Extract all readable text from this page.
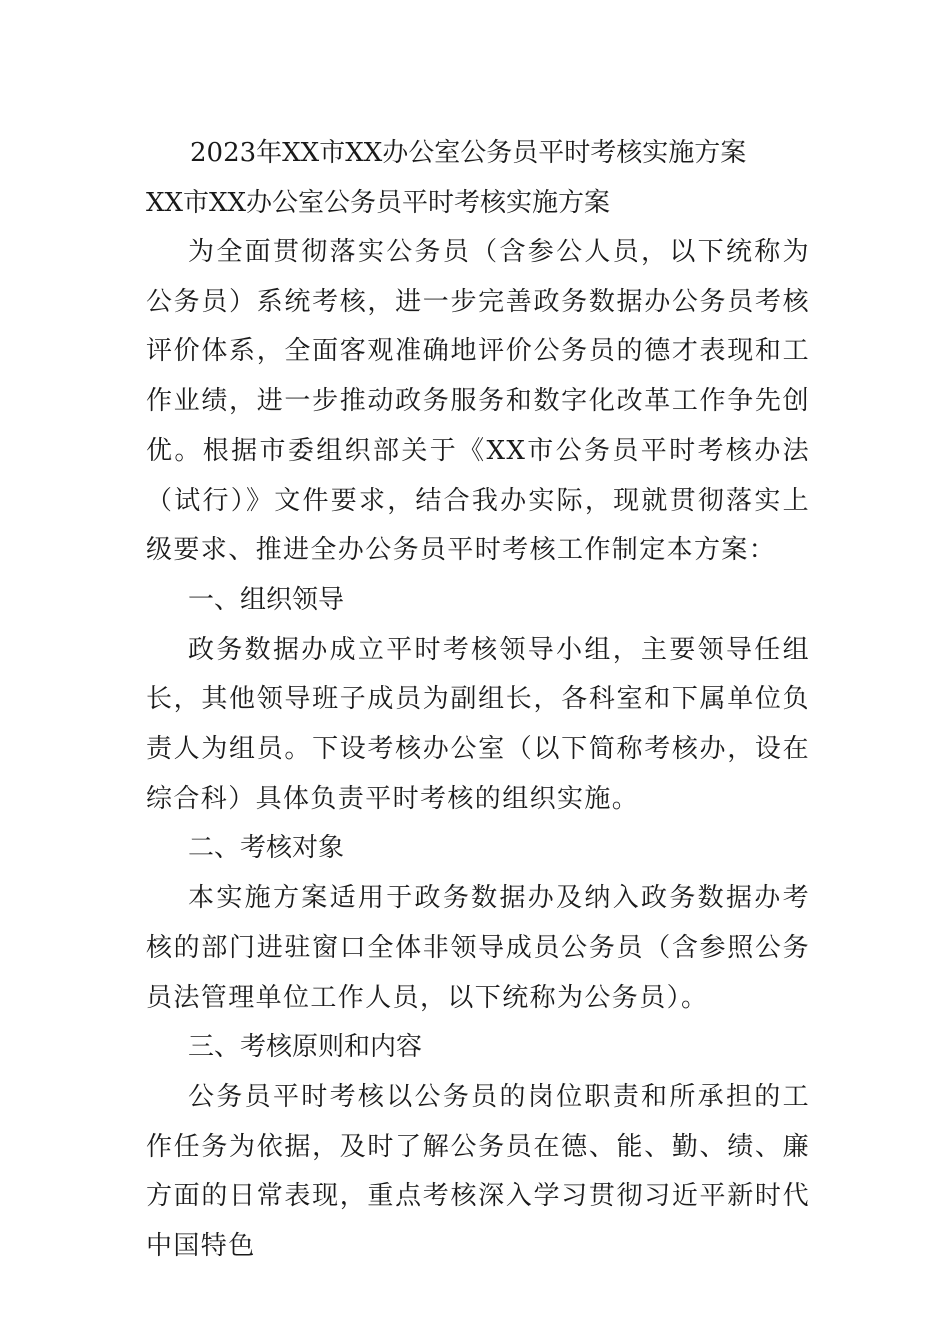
2023年XX市XX办公室公务员平时考核实施方案
XX市XX办公室公务员平时考核实施方案

为全面贯彻落实公务员（含参公人员，以下统称为公务员）系统考核，进一步完善政务数据办公务员考核评价体系，全面客观准确地评价公务员的德才表现和工作业绩，进一步推动政务服务和数字化改革工作争先创优。根据市委组织部关于《XX市公务员平时考核办法（试行）》文件要求，结合我办实际，现就贯彻落实上级要求、推进全办公务员平时考核工作制定本方案：

一、组织领导

政务数据办成立平时考核领导小组，主要领导任组长，其他领导班子成员为副组长，各科室和下属单位负责人为组员。下设考核办公室（以下简称考核办，设在综合科）具体负责平时考核的组织实施。

二、考核对象

本实施方案适用于政务数据办及纳入政务数据办考核的部门进驻窗口全体非领导成员公务员（含参照公务员法管理单位工作人员，以下统称为公务员）。

三、考核原则和内容

公务员平时考核以公务员的岗位职责和所承担的工作任务为依据，及时了解公务员在德、能、勤、绩、廉方面的日常表现，重点考核深入学习贯彻习近平新时代中国特色
